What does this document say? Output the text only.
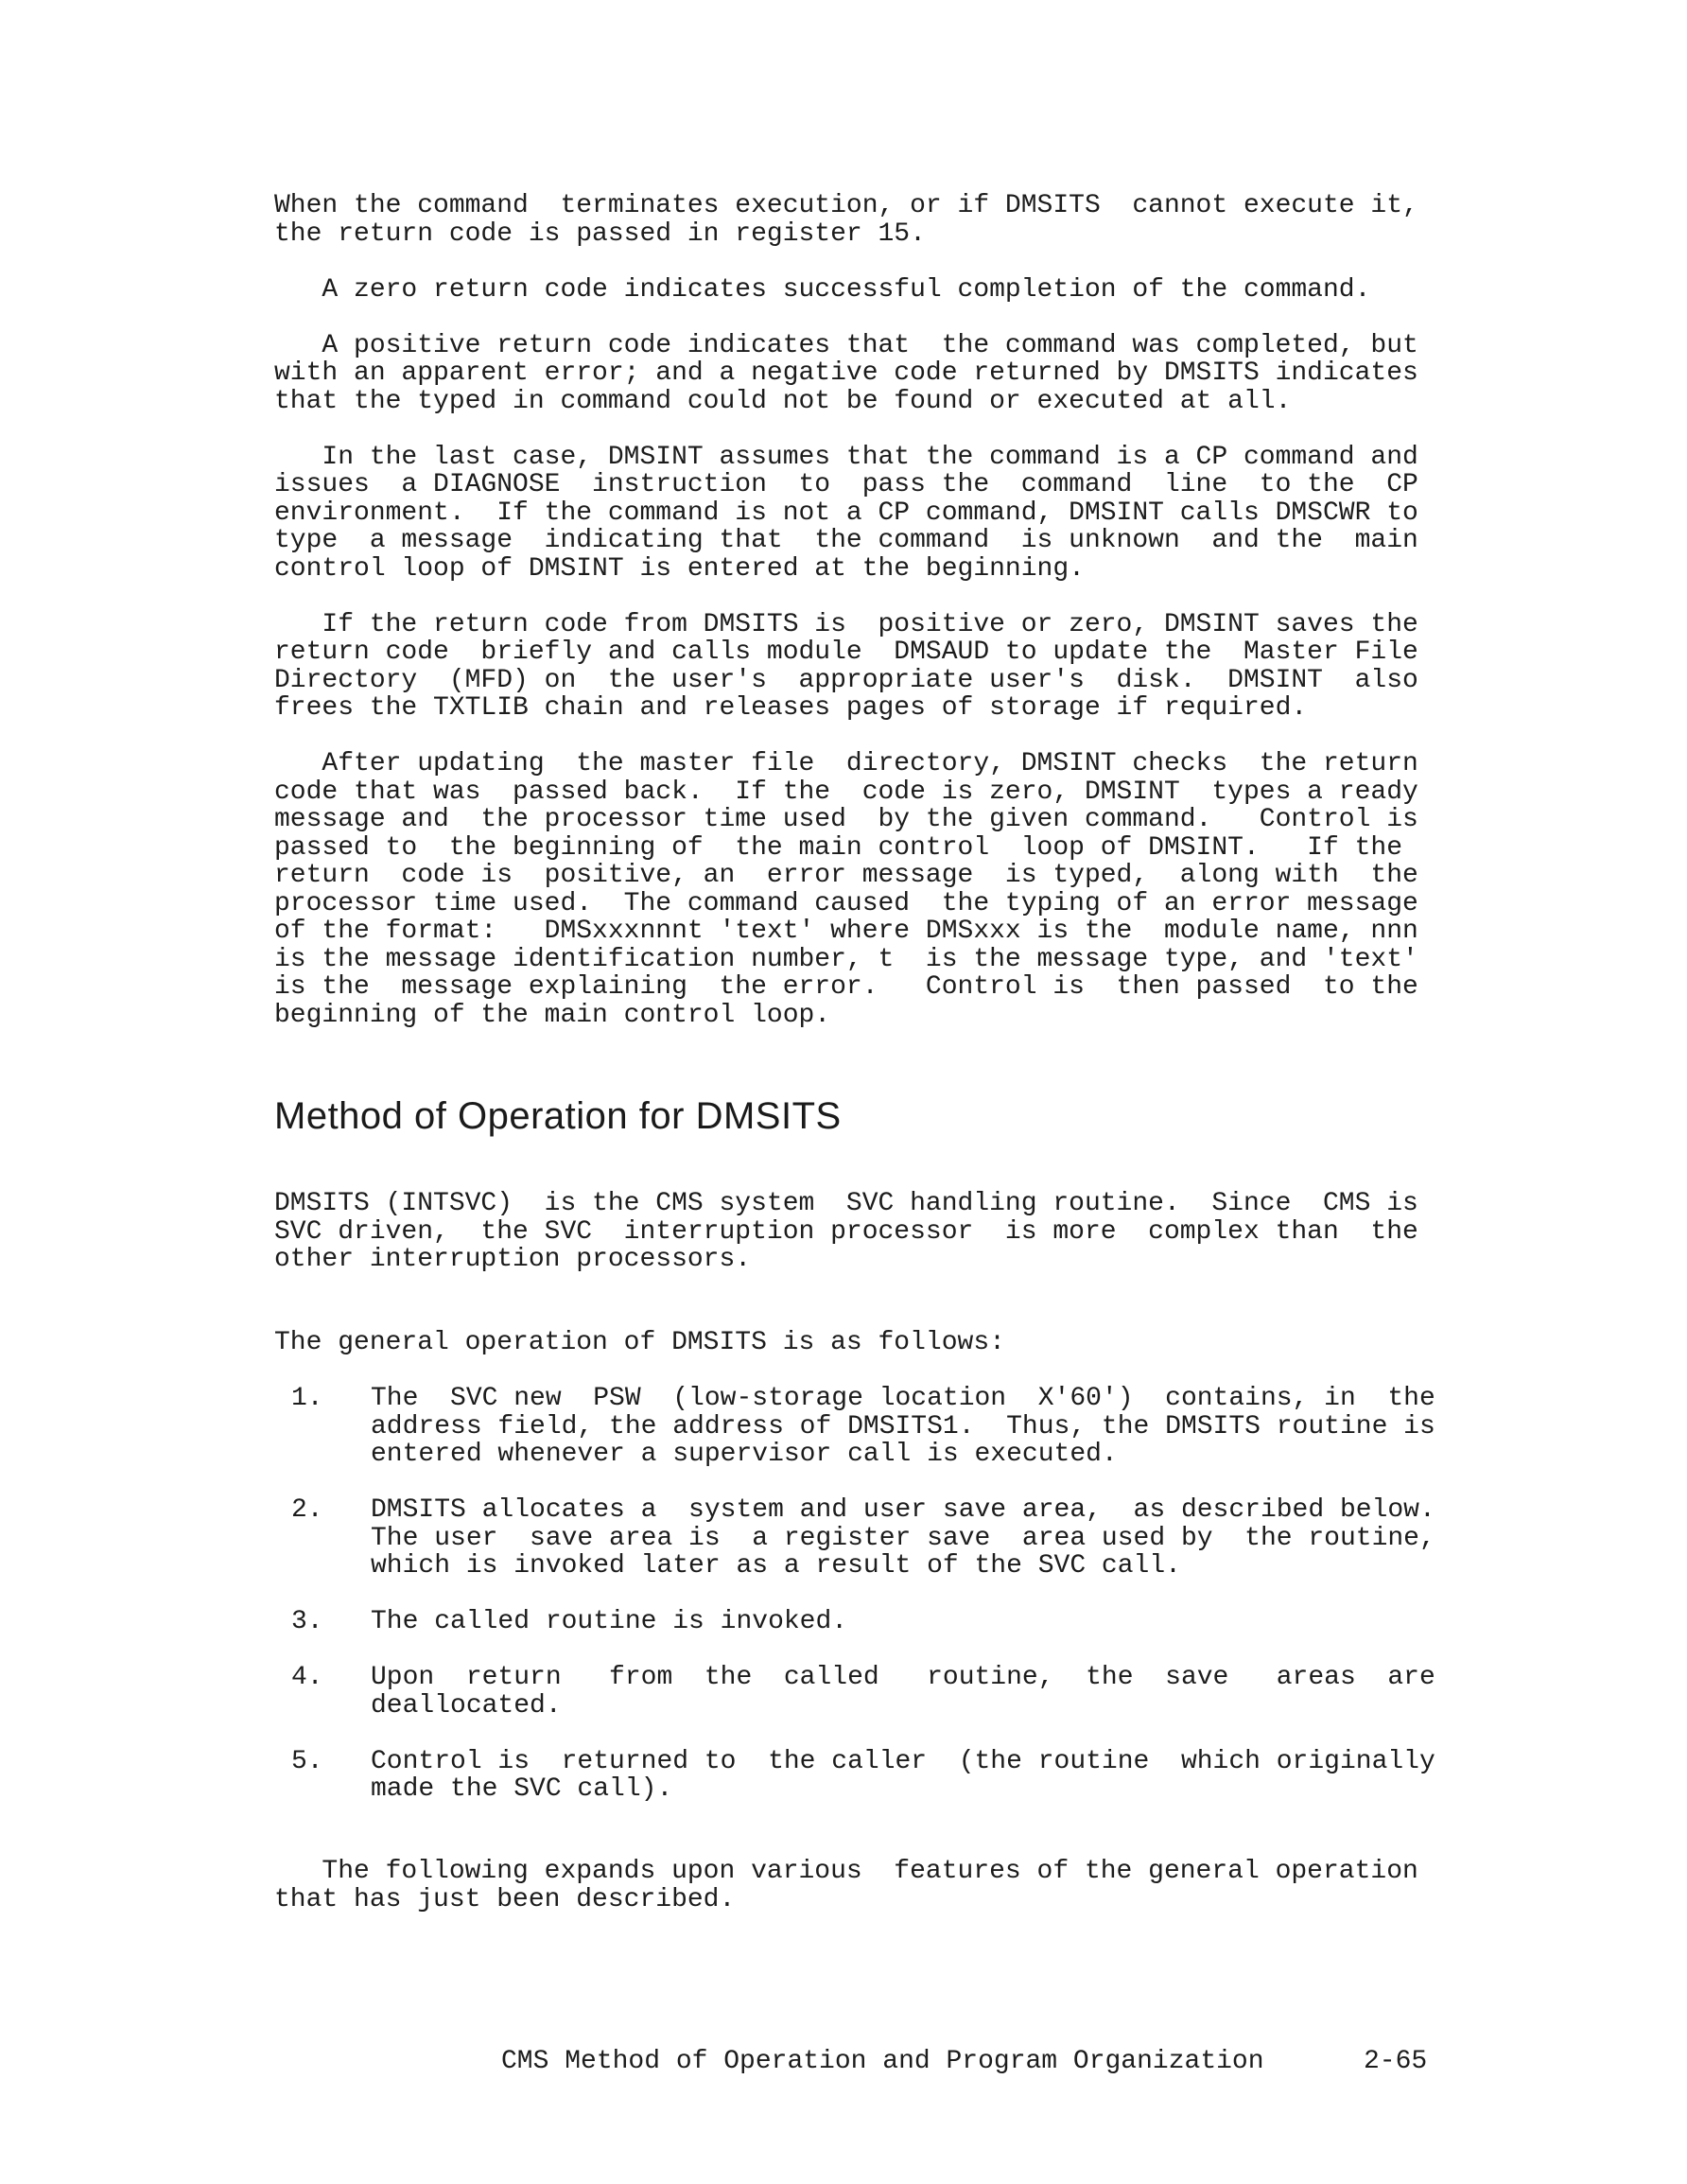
When the command  terminates execution, or if DMSITS  cannot execute it,
the return code is passed in register 15.

A zero return code indicates successful completion of the command.

A positive return code indicates that  the command was completed, but
with an apparent error; and a negative code returned by DMSITS indicates
that the typed in command could not be found or executed at all.

In the last case, DMSINT assumes that the command is a CP command and
issues  a DIAGNOSE  instruction  to  pass the  command  line  to the  CP
environment.  If the command is not a CP command, DMSINT calls DMSCWR to
type  a message  indicating that  the command  is unknown  and the  main
control loop of DMSINT is entered at the beginning.

If the return code from DMSITS is  positive or zero, DMSINT saves the
return code  briefly and calls module  DMSAUD to update the  Master File
Directory  (MFD) on  the user's  appropriate user's  disk.  DMSINT  also
frees the TXTLIB chain and releases pages of storage if required.

After updating  the master file  directory, DMSINT checks  the return
code that was  passed back.  If the  code is zero, DMSINT  types a ready
message and  the processor time used  by the given command.   Control is
passed to  the beginning of  the main control  loop of DMSINT.   If the
return  code is  positive, an  error message  is typed,  along with  the
processor time used.  The command caused  the typing of an error message
of the format:   DMSxxxnnnt 'text' where DMSxxx is the  module name, nnn
is the message identification number, t  is the message type, and 'text'
is the  message explaining  the error.   Control is  then passed  to the
beginning of the main control loop.

Method of Operation for DMSITS

DMSITS (INTSVC)  is the CMS system  SVC handling routine.  Since  CMS is
SVC driven,  the SVC  interruption processor  is more  complex than  the
other interruption processors.

The general operation of DMSITS is as follows:

1.	The  SVC new  PSW  (low-storage location  X'60')  contains, in  the
address field, the address of DMSITS1.  Thus, the DMSITS routine is
entered whenever a supervisor call is executed.
2.	DMSITS allocates a  system and user save area,  as described below.
The user  save area is  a register save  area used by  the routine,
which is invoked later as a result of the SVC call.
3.	The called routine is invoked.
4.	Upon  return   from  the  called   routine,  the  save   areas  are
deallocated.
5.	Control is  returned to  the caller  (the routine  which originally
made the SVC call).

The following expands upon various  features of the general operation
that has just been described.

CMS Method of Operation and Program Organization	2-65
